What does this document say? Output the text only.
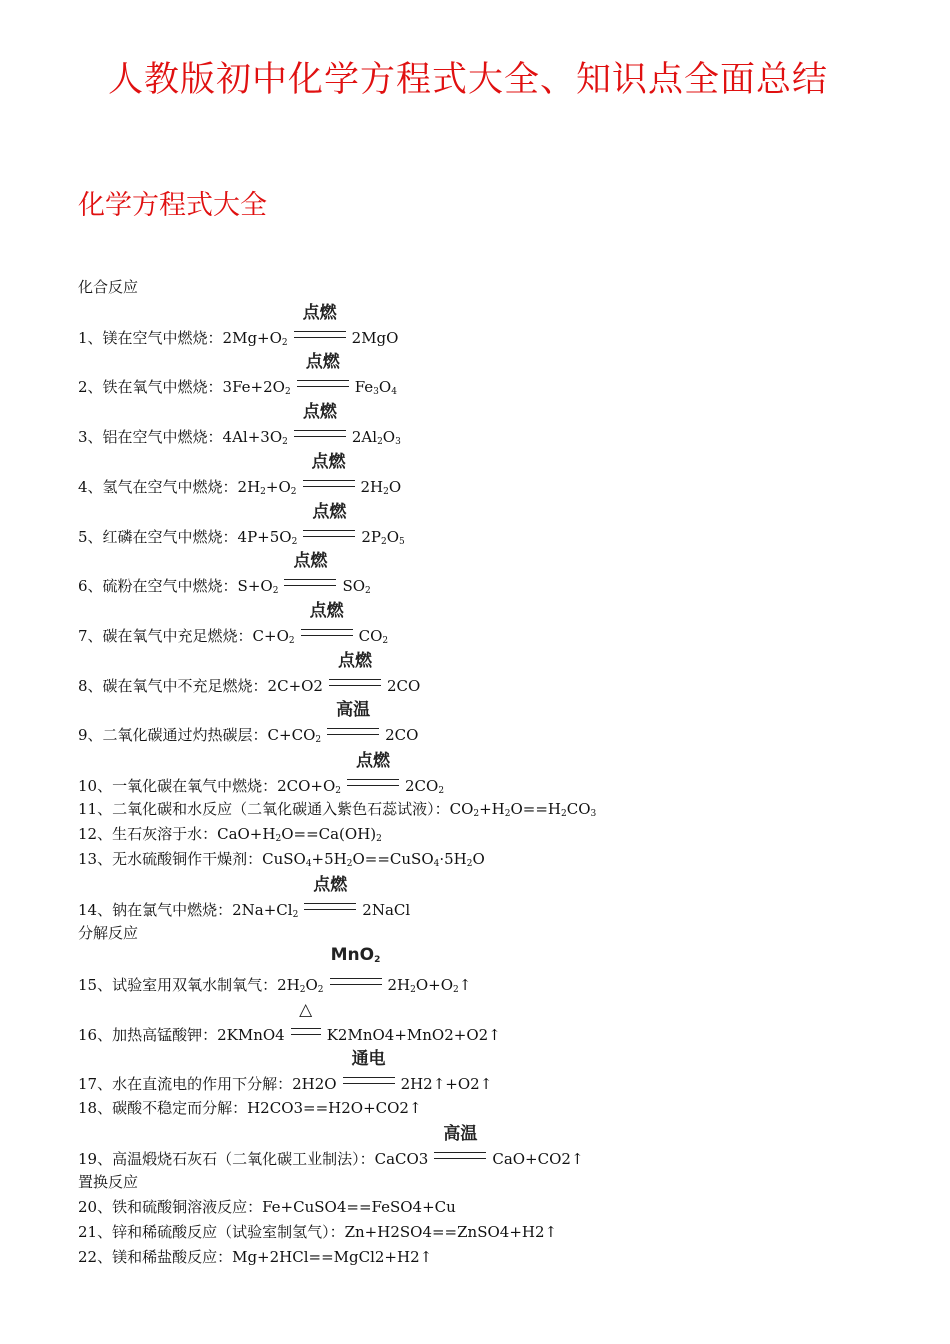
人教版初中化学方程式大全、知识点全面总结
化学方程式大全
化合反应
1、镁在空气中燃烧：$2Mg+O_2$
点燃
2MgO
2、铁在氧气中燃烧：$3Fe+2O_2$
点燃
$Fe_3O_4$
3、铝在空气中燃烧：$4Al+3O_2$
点燃
$2Al_2O_3$
4、氢气在空气中燃烧：$2H_2+O_2$
点燃
$2H_2O$
5、红磷在空气中燃烧：$4P+5O_2$
点燃
$2P_2O_5$
6、硫粉在空气中燃烧：$S+O_2$
点燃
$SO_2$
7、碳在氧气中充足燃烧：$C+O_2$
点燃
$CO_2$
8、碳在氧气中不充足燃烧：2C+O2
点燃
2CO
9、二氧化碳通过灼热碳层：$C+CO_2$
高温
2CO
10、一氧化碳在氧气中燃烧：$2CO+O_2$
点燃
$2CO_2$
11、二氧化碳和水反应（二氧化碳通入紫色石蕊试液）：$CO_2+H_2O==H_2CO_3$
12、生石灰溶于水：$CaO+H_2O==Ca(OH)_2$
13、无水硫酸铜作干燥剂：$CuSO_4+5H_2O==CuSO_4\cdot 5H_2O$
14、钠在氯气中燃烧：$2Na+Cl_2$
点燃
2NaCl
分解反应
15、试验室用双氧水制氧气：$2H_2O_2$
MnO$_2$
$2H_2O+O_2↑$
16、加热高锰酸钾：2KMnO4
△
K2MnO4+MnO2+O2↑
17、水在直流电的作用下分解：2H2O
通电
2H2↑+O2↑
18、碳酸不稳定而分解：H2CO3==H2O+CO2↑
19、高温煅烧石灰石（二氧化碳工业制法）：CaCO3
高温
CaO+CO2↑
置换反应
20、铁和硫酸铜溶液反应：Fe+CuSO4==FeSO4+Cu
21、锌和稀硫酸反应（试验室制氢气）：Zn+H2SO4==ZnSO4+H2↑
22、镁和稀盐酸反应：Mg+2HCl==MgCl2+H2↑
